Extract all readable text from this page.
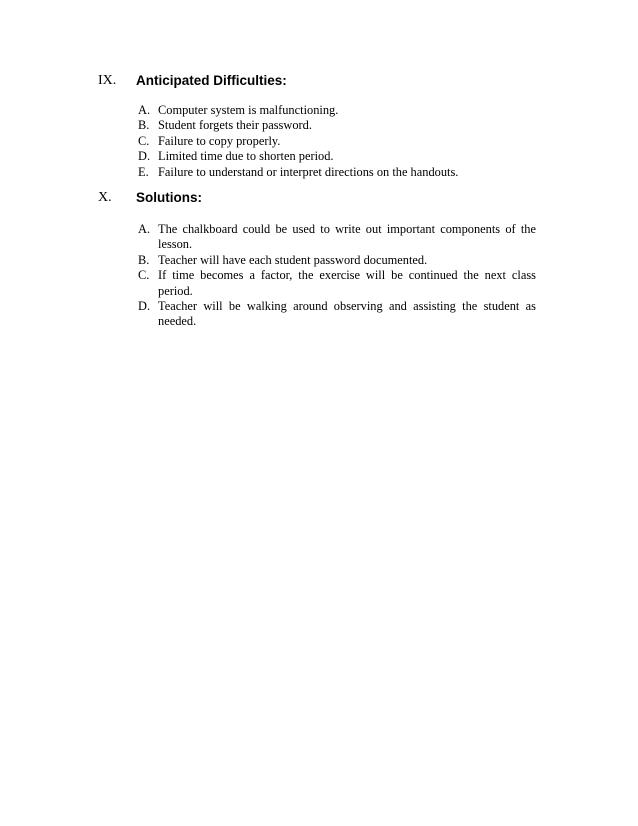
IX. Anticipated Difficulties:
A. Computer system is malfunctioning.
B. Student forgets their password.
C. Failure to copy properly.
D. Limited time due to shorten period.
E. Failure to understand or interpret directions on the handouts.
X. Solutions:
A. The chalkboard could be used to write out important components of the lesson.
B. Teacher will have each student password documented.
C. If time becomes a factor, the exercise will be continued the next class period.
D. Teacher will be walking around observing and assisting the student as needed.
